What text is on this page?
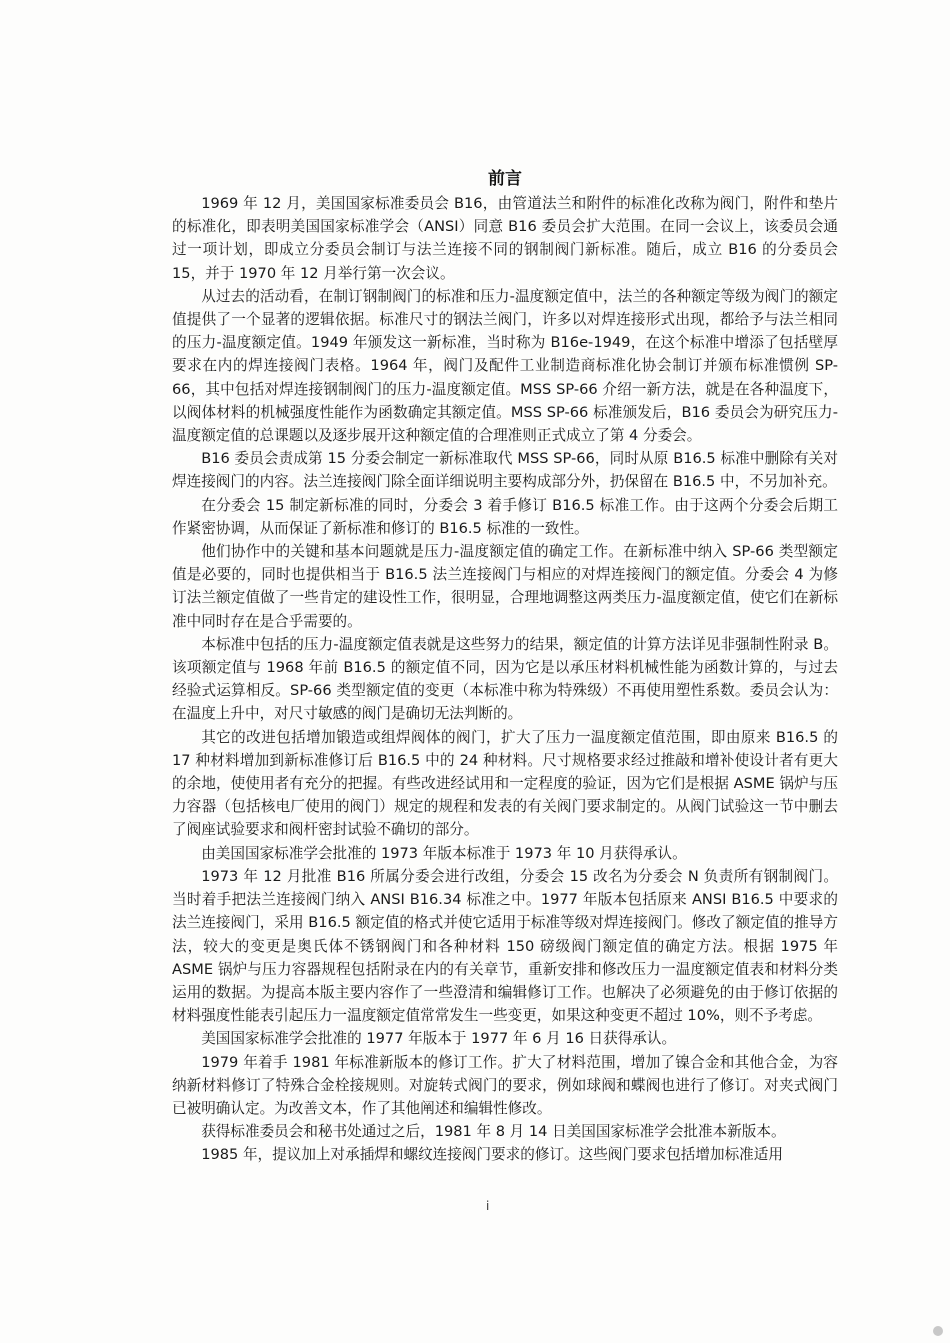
前言

1969 年 12 月，美国国家标准委员会 B16，由管道法兰和附件的标准化改称为阀门，附件和垫片的标准化，即表明美国国家标准学会（ANSI）同意 B16 委员会扩大范围。在同一会议上，该委员会通过一项计划，即成立分委员会制订与法兰连接不同的钢制阀门新标准。随后，成立 B16 的分委员会 15，并于 1970 年 12 月举行第一次会议。

从过去的活动看，在制订钢制阀门的标准和压力-温度额定值中，法兰的各种额定等级为阀门的额定值提供了一个显著的逻辑依据。标准尺寸的钢法兰阀门，许多以对焊连接形式出现，都给予与法兰相同的压力-温度额定值。1949 年颁发这一新标准，当时称为 B16e-1949，在这个标准中增添了包括壁厚要求在内的焊连接阀门表格。1964 年，阀门及配件工业制造商标准化协会制订并颁布标准惯例 SP-66，其中包括对焊连接钢制阀门的压力-温度额定值。MSS SP-66 介绍一新方法，就是在各种温度下，以阀体材料的机械强度性能作为函数确定其额定值。MSS SP-66 标准颁发后，B16 委员会为研究压力-温度额定值的总课题以及逐步展开这种额定值的合理准则正式成立了第 4 分委会。

B16 委员会责成第 15 分委会制定一新标准取代 MSS SP-66，同时从原 B16.5 标准中删除有关对焊连接阀门的内容。法兰连接阀门除全面详细说明主要构成部分外，扔保留在 B16.5 中，不另加补充。

在分委会 15 制定新标准的同时，分委会 3 着手修订 B16.5 标准工作。由于这两个分委会后期工作紧密协调，从而保证了新标准和修订的 B16.5 标准的一致性。

他们协作中的关键和基本问题就是压力-温度额定值的确定工作。在新标准中纳入 SP-66 类型额定值是必要的，同时也提供相当于 B16.5 法兰连接阀门与相应的对焊连接阀门的额定值。分委会 4 为修订法兰额定值做了一些肯定的建设性工作，很明显，合理地调整这两类压力-温度额定值，使它们在新标准中同时存在是合乎需要的。

本标准中包括的压力-温度额定值表就是这些努力的结果，额定值的计算方法详见非强制性附录 B。该项额定值与 1968 年前 B16.5 的额定值不同，因为它是以承压材料机械性能为函数计算的，与过去经验式运算相反。SP-66 类型额定值的变更（本标准中称为特殊级）不再使用塑性系数。委员会认为：在温度上升中，对尺寸敏感的阀门是确切无法判断的。

其它的改进包括增加锻造或组焊阀体的阀门，扩大了压力一温度额定值范围，即由原来 B16.5 的 17 种材料增加到新标准修订后 B16.5 中的 24 种材料。尺寸规格要求经过推敲和增补使设计者有更大的余地，使使用者有充分的把握。有些改进经试用和一定程度的验证，因为它们是根据 ASME 锅炉与压力容器（包括核电厂使用的阀门）规定的规程和发表的有关阀门要求制定的。从阀门试验这一节中删去了阀座试验要求和阀杆密封试验不确切的部分。

由美国国家标准学会批准的 1973 年版本标准于 1973 年 10 月获得承认。

1973 年 12 月批准 B16 所属分委会进行改组，分委会 15 改名为分委会 N 负责所有钢制阀门。当时着手把法兰连接阀门纳入 ANSI B16.34 标准之中。1977 年版本包括原来 ANSI B16.5 中要求的法兰连接阀门，采用 B16.5 额定值的格式并使它适用于标准等级对焊连接阀门。修改了额定值的推导方法，较大的变更是奥氏体不锈钢阀门和各种材料 150 磅级阀门额定值的确定方法。根据 1975 年 ASME 锅炉与压力容器规程包括附录在内的有关章节，重新安排和修改压力一温度额定值表和材料分类运用的数据。为提高本版主要内容作了一些澄清和编辑修订工作。也解决了必须避免的由于修订依据的材料强度性能表引起压力一温度额定值常常发生一些变更，如果这种变更不超过 10%，则不予考虑。

美国国家标准学会批准的 1977 年版本于 1977 年 6 月 16 日获得承认。

1979 年着手 1981 年标准新版本的修订工作。扩大了材料范围，增加了镍合金和其他合金，为容纳新材料修订了特殊合金栓接规则。对旋转式阀门的要求，例如球阀和蝶阀也进行了修订。对夹式阀门已被明确认定。为改善文本，作了其他阐述和编辑性修改。

获得标准委员会和秘书处通过之后，1981 年 8 月 14 日美国国家标准学会批准本新版本。

1985 年，提议加上对承插焊和螺纹连接阀门要求的修订。这些阀门要求包括增加标准适用

i
